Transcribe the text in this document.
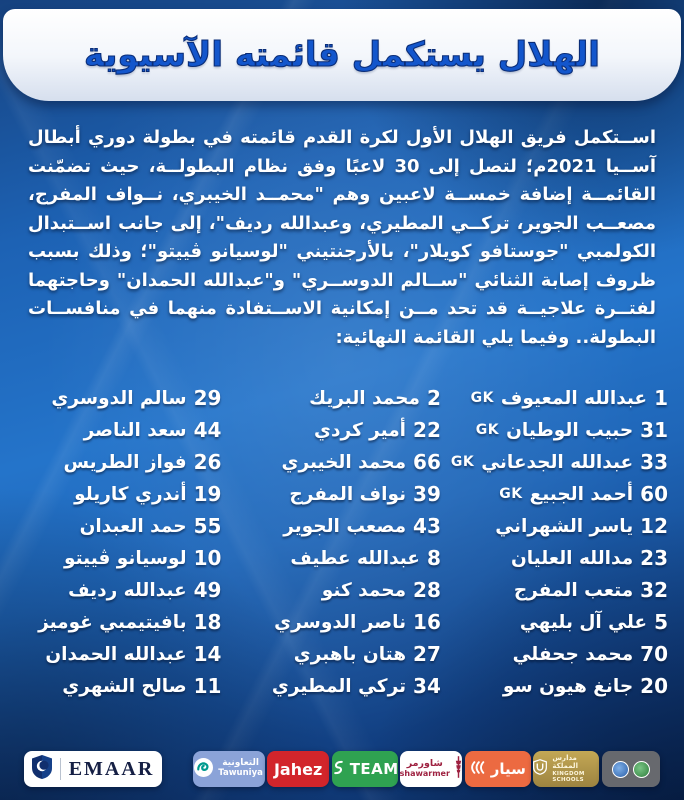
الهلال يستكمل قائمته الآسيوية
اســتكمل فريق الهلال الأول لكرة القدم قائمته في بطولة دوري أبطال آســيا 2021م؛ لتصل إلى 30 لاعبًا وفق نظام البطولــة، حيث تضمّنت القائمــة إضافة خمســة لاعبين وهم "محمــد الخيبري، نــواف المفرج، مصعــب الجوير، تركــي المطيري، وعبدالله رديف"، إلى جانب اســتبدال الكولمبي "جوستافو كويلار"، بالأرجنتيني "لوسيانو ڤييتو"؛ وذلك بسبب ظروف إصابة الثنائي "ســالم الدوســري" و"عبدالله الحمدان" وحاجتهما لفتــرة علاجيــة قد تحد مــن إمكانية الاســتفادة منهما في منافســات البطولة.. وفيما يلي القائمة النهائية:
1
عبدالله المعيوف
GK
31
حبيب الوطيان
GK
33
عبدالله الجدعاني
GK
60
أحمد الجبيع
GK
12
ياسر الشهراني
23
مدالله العليان
32
متعب المفرج
5
علي آل بليهي
70
محمد جحفلي
20
جانغ هيون سو
2
محمد البريك
22
أمير كردي
66
محمد الخيبري
39
نواف المفرج
43
مصعب الجوير
8
عبدالله عطيف
28
محمد كنو
16
ناصر الدوسري
27
هتان باهبري
34
تركي المطيري
29
سالم الدوسري
44
سعد الناصر
26
فواز الطريس
19
أندري كاريلو
55
حمد العبدان
10
لوسيانو ڤييتو
49
عبدالله رديف
18
بافيتيمبي غوميز
14
عبدالله الحمدان
11
صالح الشهري
EMAAR	التعاونية
Tawuniya Jahez TEAM شاورمر
shawarmer	سيار
مدارس المملكة
KINGDOM SCHOOLS
